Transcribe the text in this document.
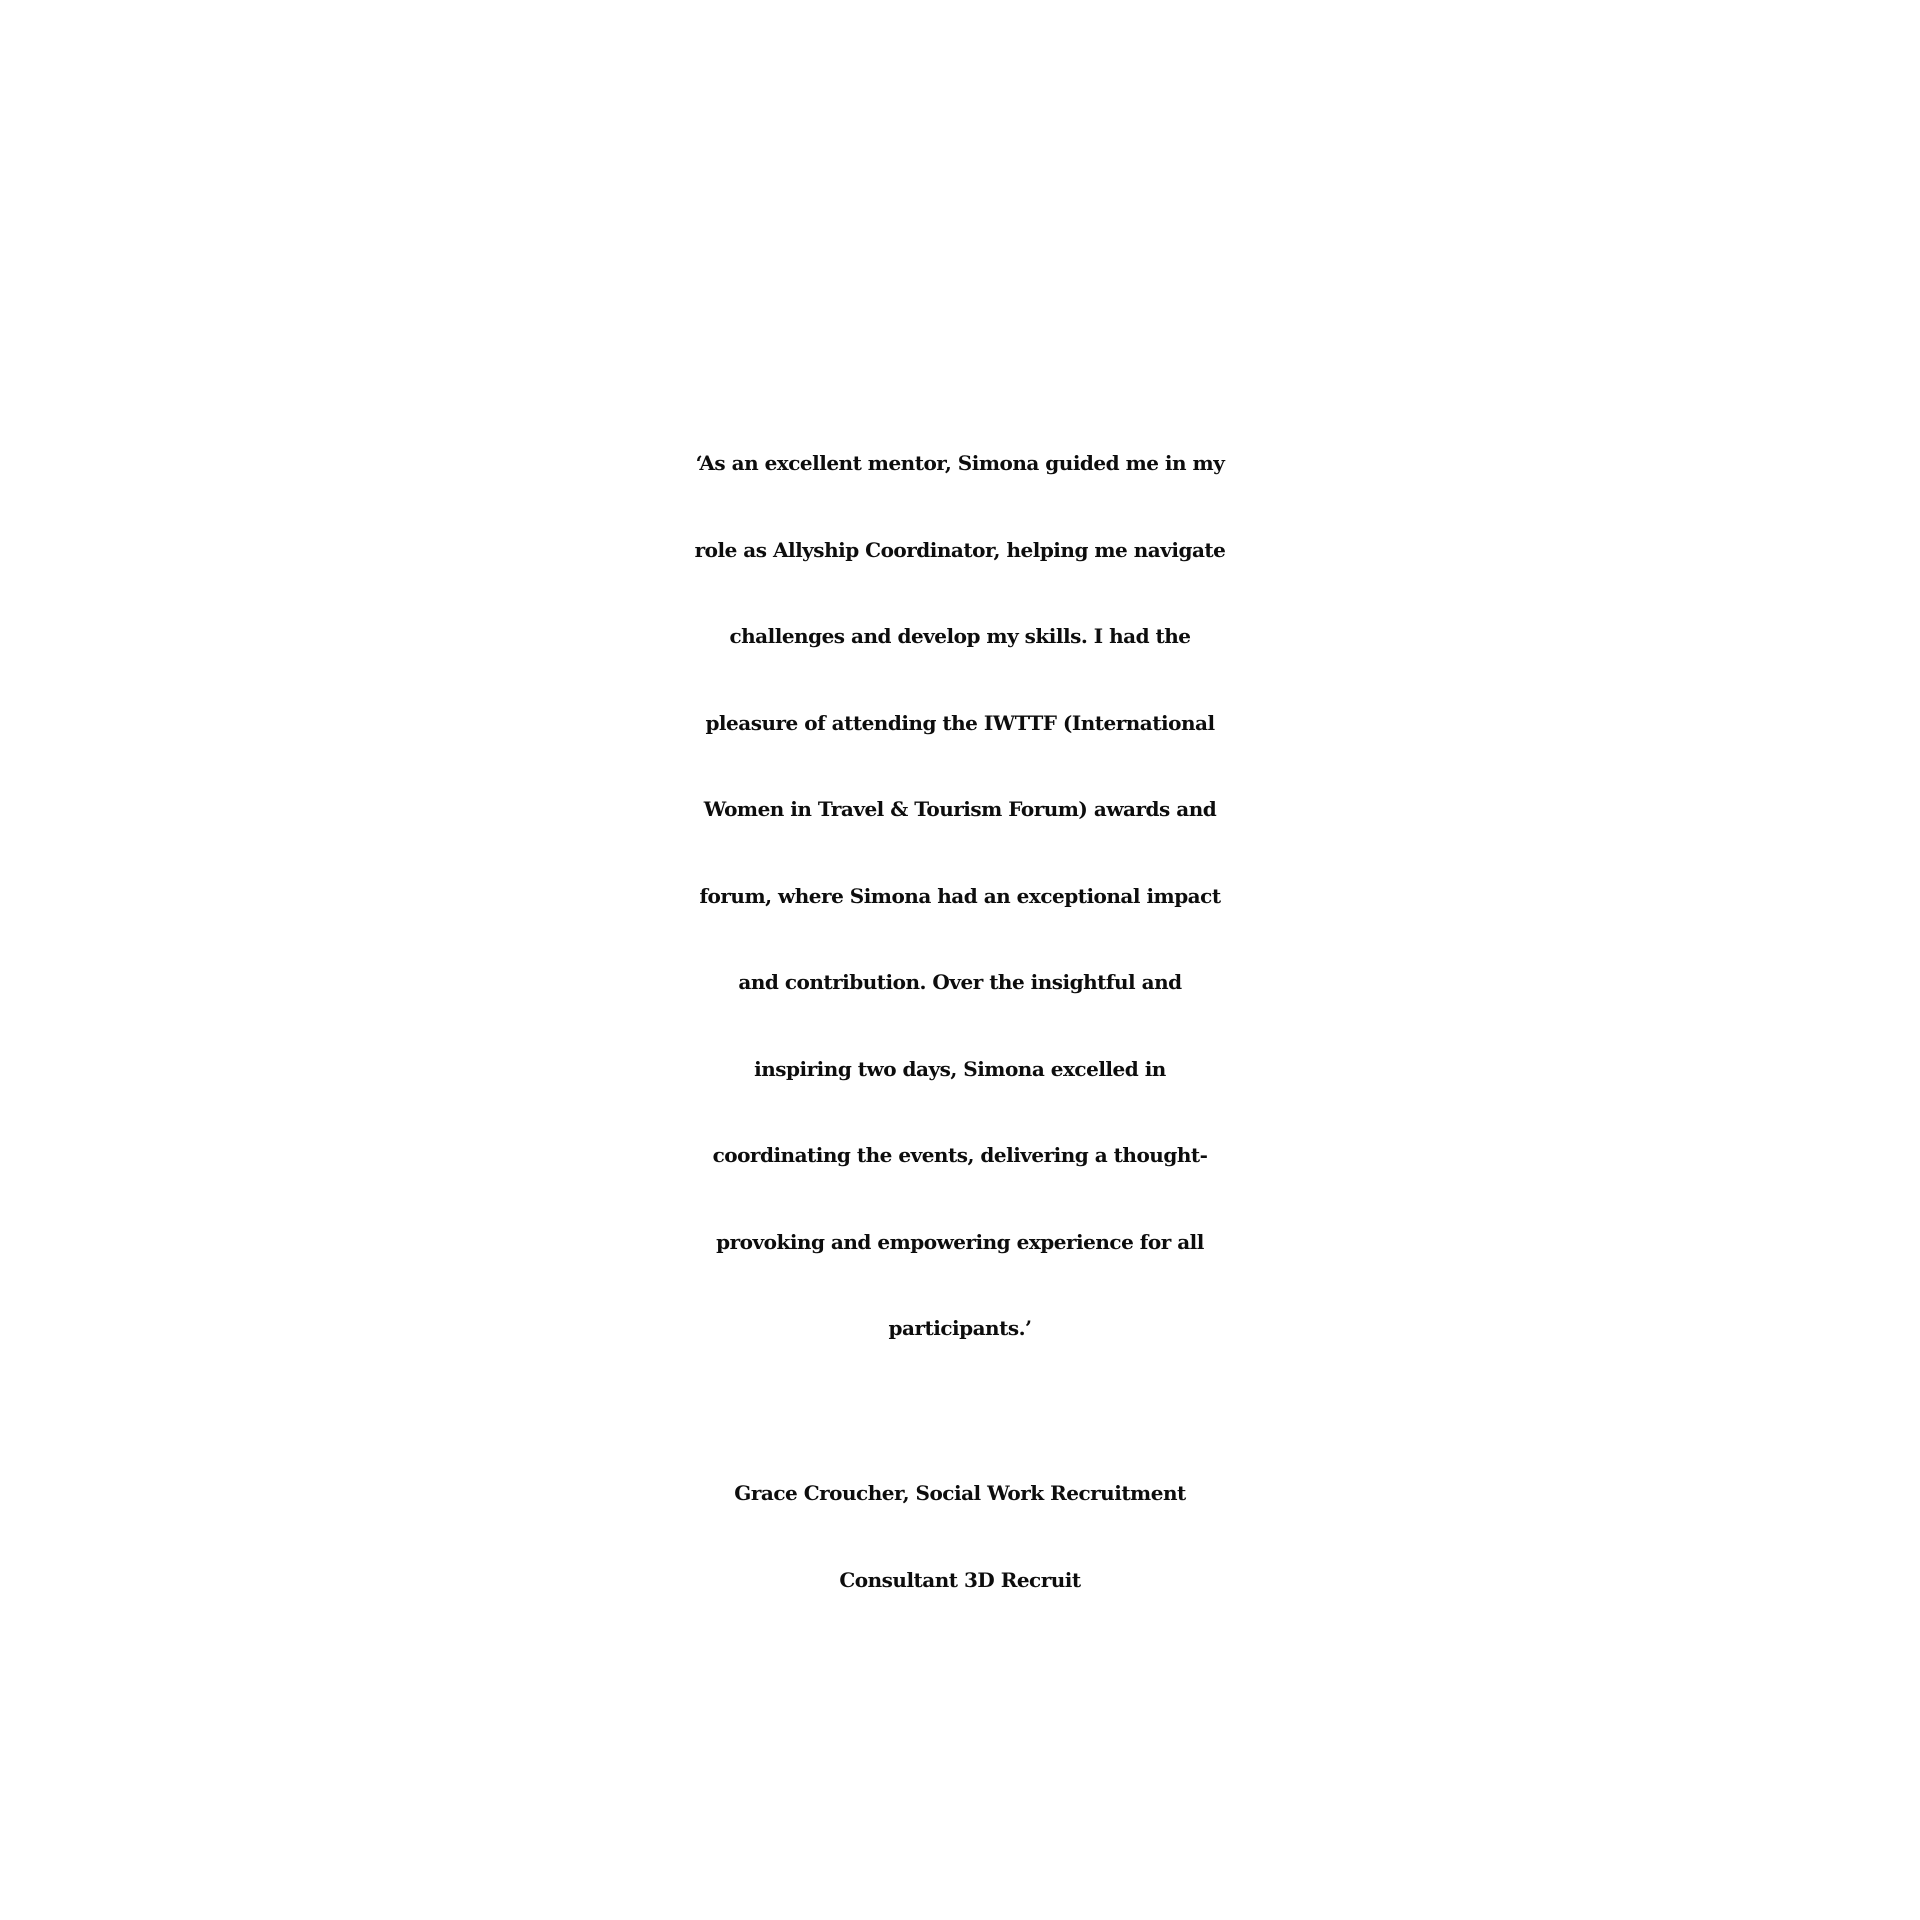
‘As an excellent mentor, Simona guided me in my
role as Allyship Coordinator, helping me navigate
challenges and develop my skills. I had the
pleasure of attending the IWTTF (International
Women in Travel & Tourism Forum) awards and
forum, where Simona had an exceptional impact
and contribution. Over the insightful and
inspiring two days, Simona excelled in
coordinating the events, delivering a thought-
provoking and empowering experience for all
participants.’
Grace Croucher, Social Work Recruitment
Consultant 3D Recruit
